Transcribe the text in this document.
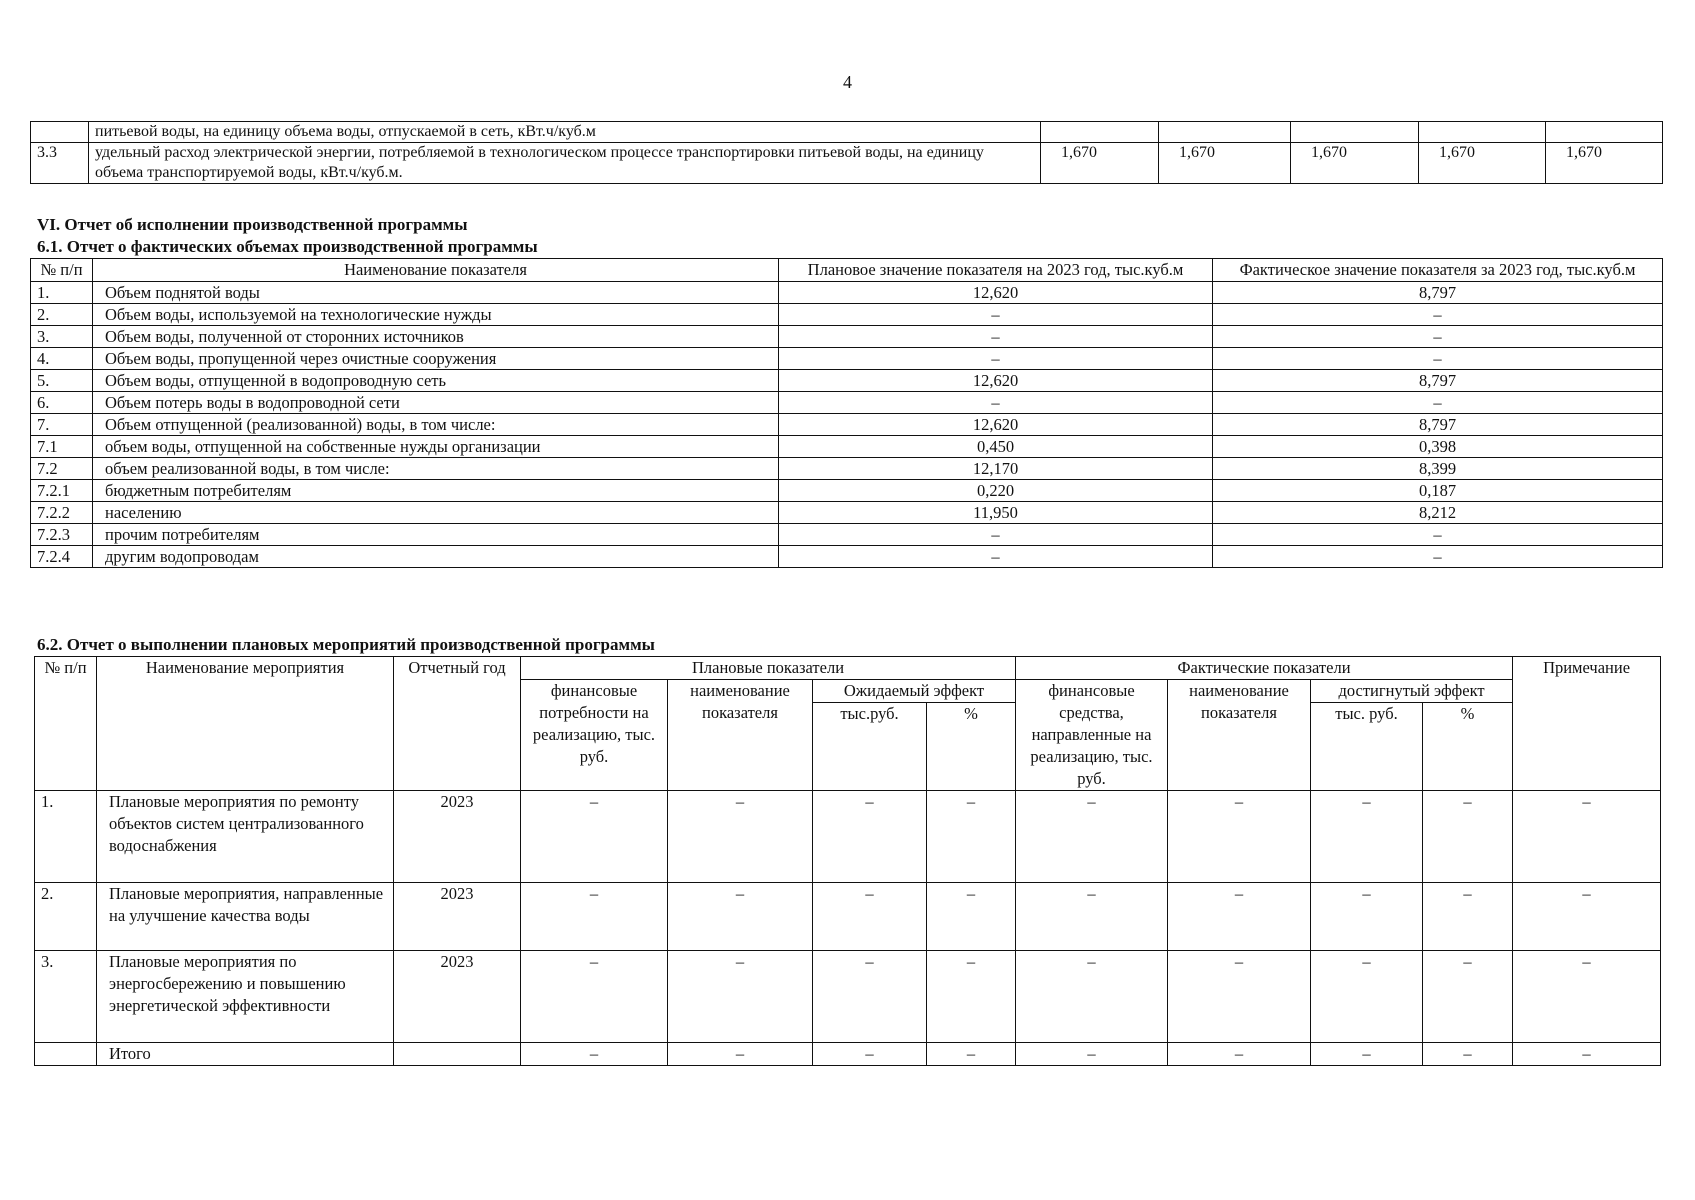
4
	питьевой воды, на единицу объема воды, отпускаемой в сеть, кВт.ч/куб.м					
3.3	удельный расход электрической энергии, потребляемой в технологическом процессе транспортировки питьевой воды, на единицу объема транспортируемой воды, кВт.ч/куб.м.	1,670	1,670	1,670	1,670	1,670
VI. Отчет об исполнении производственной программы
6.1. Отчет о фактических объемах производственной программы
№ п/п	Наименование показателя	Плановое значение показателя на 2023 год, тыс.куб.м	Фактическое значение показателя за 2023 год, тыс.куб.м
1.	Объем поднятой воды	12,620	8,797
2.	Объем воды, используемой на технологические нужды	–	–
3.	Объем воды, полученной от сторонних источников	–	–
4.	Объем воды, пропущенной через очистные сооружения	–	–
5.	Объем воды, отпущенной в водопроводную сеть	12,620	8,797
6.	Объем потерь воды в водопроводной сети	–	–
7.	Объем отпущенной (реализованной) воды, в том числе:	12,620	8,797
7.1	объем воды, отпущенной на собственные нужды организации	0,450	0,398
7.2	объем реализованной воды, в том числе:	12,170	8,399
7.2.1	бюджетным потребителям	0,220	0,187
7.2.2	населению	11,950	8,212
7.2.3	прочим потребителям	–	–
7.2.4	другим водопроводам	–	–
6.2. Отчет о выполнении плановых мероприятий производственной программы
№ п/п	Наименование мероприятия	Отчетный год	Плановые показатели				Фактические показатели				Примечание
			финансовые потребности на реализацию, тыс. руб.	наименование показателя	Ожидаемый эффект		финансовые средства, направленные на реализацию, тыс. руб.	наименование показателя	достигнутый эффект		
					тыс.руб.	%			тыс. руб.	%	
1.	Плановые мероприятия по ремонту объектов систем централизованного водоснабжения	2023	–	–	–	–	–	–	–	–	–
2.	Плановые мероприятия, направленные на улучшение качества воды	2023	–	–	–	–	–	–	–	–	–
3.	Плановые мероприятия по энергосбережению и повышению энергетической эффективности	2023	–	–	–	–	–	–	–	–	–
	Итого		–	–	–	–	–	–	–	–	–
